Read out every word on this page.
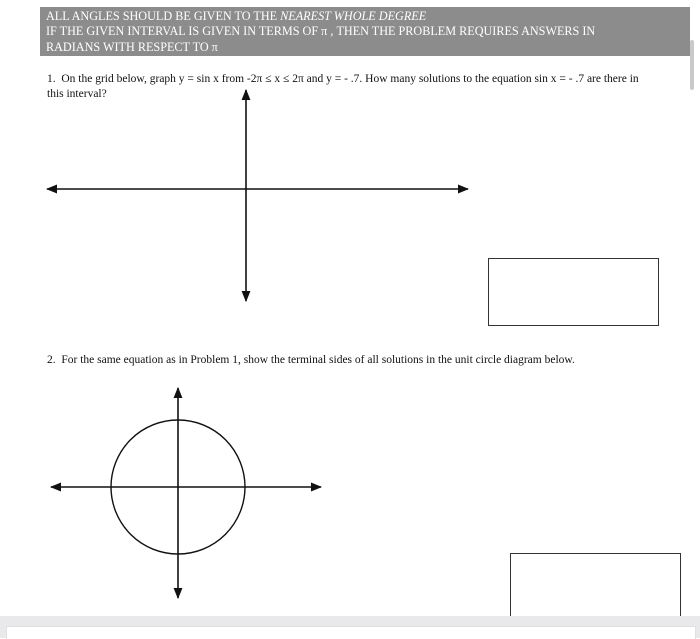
ALL ANGLES SHOULD BE GIVEN TO THE NEAREST WHOLE DEGREE
IF THE GIVEN INTERVAL IS GIVEN IN TERMS OF π , THEN THE PROBLEM REQUIRES ANSWERS IN
RADIANS WITH RESPECT TO π
1. On the grid below, graph y = sin x from -2π ≤ x ≤ 2π and y = - .7. How many solutions to the equation sin x = - .7 are there in this interval?
2. For the same equation as in Problem 1, show the terminal sides of all solutions in the unit circle diagram below.
